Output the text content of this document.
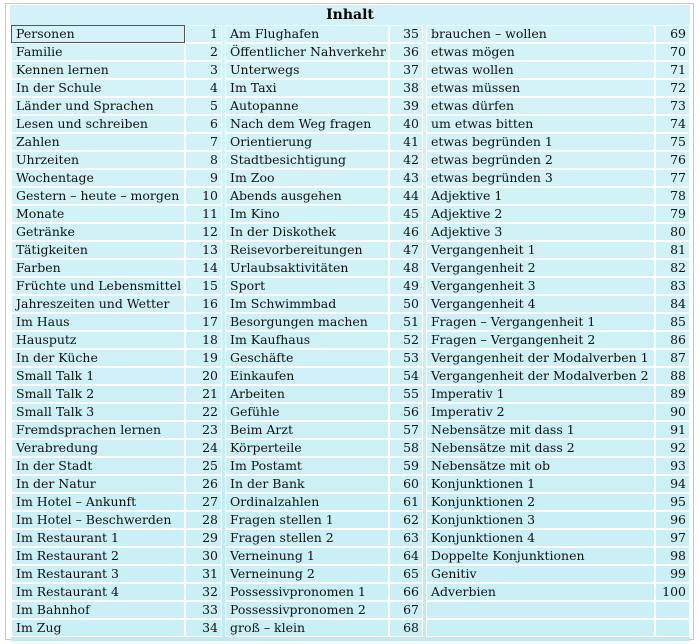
Inhalt
Personen	1
Familie	2
Kennen lernen	3
In der Schule	4
Länder und Sprachen	5
Lesen und schreiben	6
Zahlen	7
Uhrzeiten	8
Wochentage	9
Gestern – heute – morgen	10
Monate	11
Getränke	12
Tätigkeiten	13
Farben	14
Früchte und Lebensmittel	15
Jahreszeiten und Wetter	16
Im Haus	17
Hausputz	18
In der Küche	19
Small Talk 1	20
Small Talk 2	21
Small Talk 3	22
Fremdsprachen lernen	23
Verabredung	24
In der Stadt	25
In der Natur	26
Im Hotel – Ankunft	27
Im Hotel – Beschwerden	28
Im Restaurant 1	29
Im Restaurant 2	30
Im Restaurant 3	31
Im Restaurant 4	32
Im Bahnhof	33
Im Zug	34
Am Flughafen	35
Öffentlicher Nahverkehr	36
Unterwegs	37
Im Taxi	38
Autopanne	39
Nach dem Weg fragen	40
Orientierung	41
Stadtbesichtigung	42
Im Zoo	43
Abends ausgehen	44
Im Kino	45
In der Diskothek	46
Reisevorbereitungen	47
Urlaubsaktivitäten	48
Sport	49
Im Schwimmbad	50
Besorgungen machen	51
Im Kaufhaus	52
Geschäfte	53
Einkaufen	54
Arbeiten	55
Gefühle	56
Beim Arzt	57
Körperteile	58
Im Postamt	59
In der Bank	60
Ordinalzahlen	61
Fragen stellen 1	62
Fragen stellen 2	63
Verneinung 1	64
Verneinung 2	65
Possessivpronomen 1	66
Possessivpronomen 2	67
groß – klein	68
brauchen – wollen	69
etwas mögen	70
etwas wollen	71
etwas müssen	72
etwas dürfen	73
um etwas bitten	74
etwas begründen 1	75
etwas begründen 2	76
etwas begründen 3	77
Adjektive 1	78
Adjektive 2	79
Adjektive 3	80
Vergangenheit 1	81
Vergangenheit 2	82
Vergangenheit 3	83
Vergangenheit 4	84
Fragen – Vergangenheit 1	85
Fragen – Vergangenheit 2	86
Vergangenheit der Modalverben 1	87
Vergangenheit der Modalverben 2	88
Imperativ 1	89
Imperativ 2	90
Nebensätze mit dass 1	91
Nebensätze mit dass 2	92
Nebensätze mit ob	93
Konjunktionen 1	94
Konjunktionen 2	95
Konjunktionen 3	96
Konjunktionen 4	97
Doppelte Konjunktionen	98
Genitiv	99
Adverbien	100
